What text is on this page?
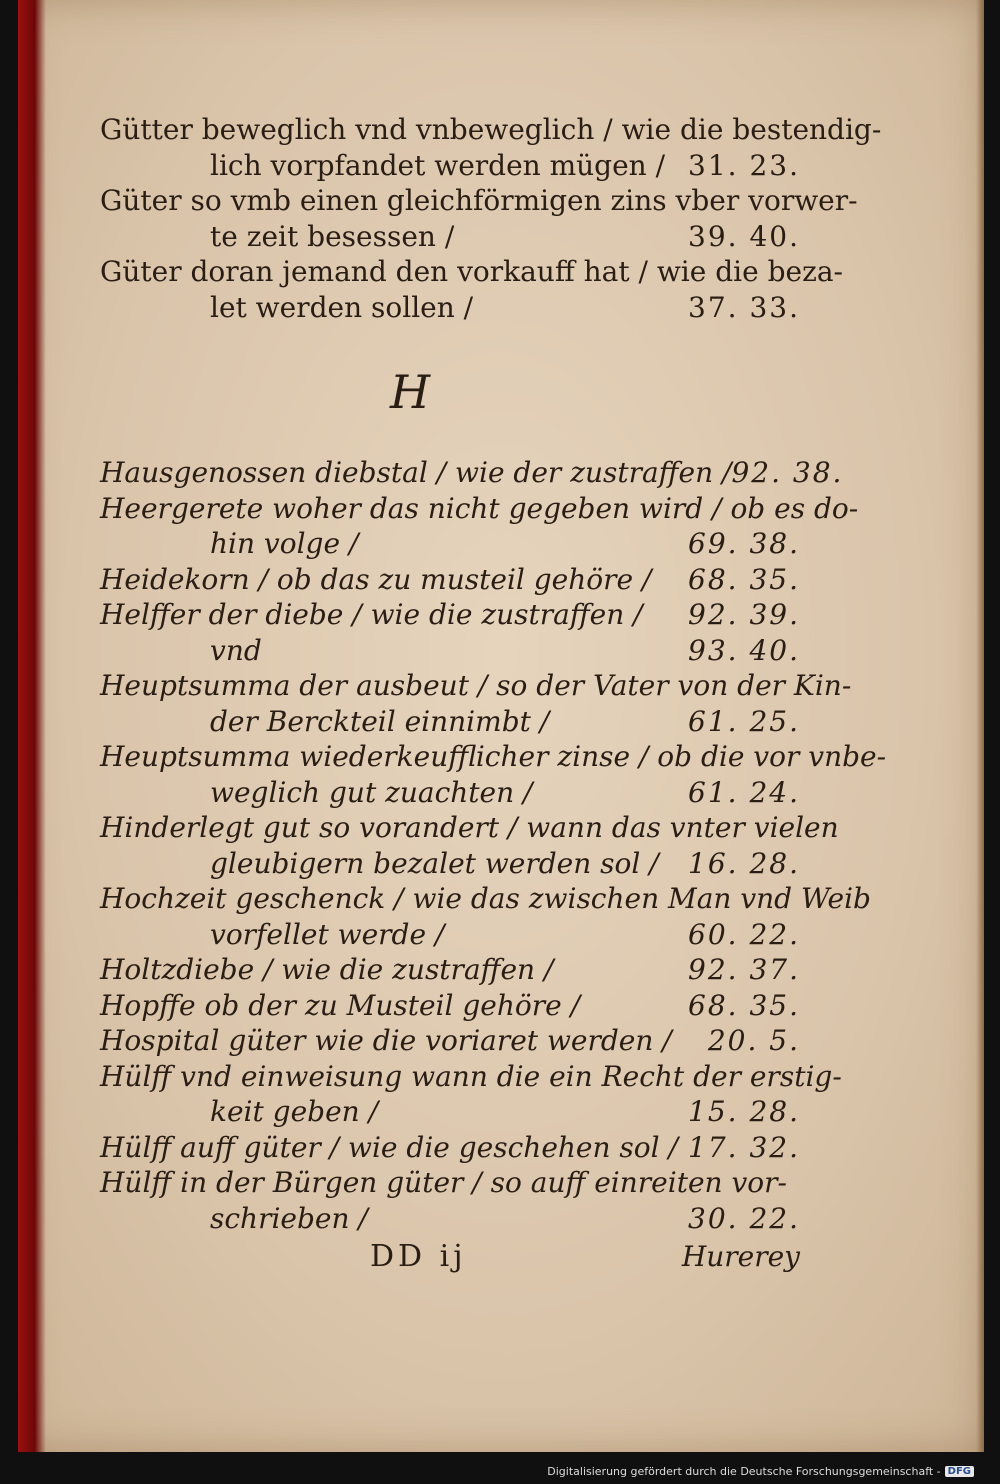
Gütter beweglich vnd vnbeweglich / wie die bestendig-
lich vorpfandet werden mügen / 31. 23.
Güter so vmb einen gleichförmigen zins vber vorwer-
te zeit besessen /	39. 40.
Güter doran jemand den vorkauff hat / wie die beza-
let werden sollen /	37. 33.
H
Hausgenossen diebstal / wie der zustraffen / 92. 38.
Heergerete woher das nicht gegeben wird / ob es do-
hin volge /	69. 38.
Heidekorn / ob das zu musteil gehöre /	68. 35.
Helffer der diebe / wie die zustraffen /	92. 39.
vnd	93. 40.
Heuptsumma der ausbeut / so der Vater von der Kin-
der Berckteil einnimbt /	61. 25.
Heuptsumma wiederkeufflicher zinse / ob die vor vnbe-
weglich gut zuachten /	61. 24.
Hinderlegt gut so vorandert / wann das vnter vielen
gleubigern bezalet werden sol /	16. 28.
Hochzeit geschenck / wie das zwischen Man vnd Weib
vorfellet werde /	60. 22.
Holtzdiebe / wie die zustraffen /	92. 37.
Hopffe ob der zu Musteil gehöre /	68. 35.
Hospital güter wie die voriaret werden /	20. 5.
Hülff vnd einweisung wann die ein Recht der erstig-
keit geben /	15. 28.
Hülff auff güter / wie die geschehen sol / 17. 32.
Hülff in der Bürgen güter / so auff einreiten vor-
schrieben /	30. 22.
DD ij	Hurerey
Digitalisierung gefördert durch die Deutsche Forschungsgemeinschaft - DFG
